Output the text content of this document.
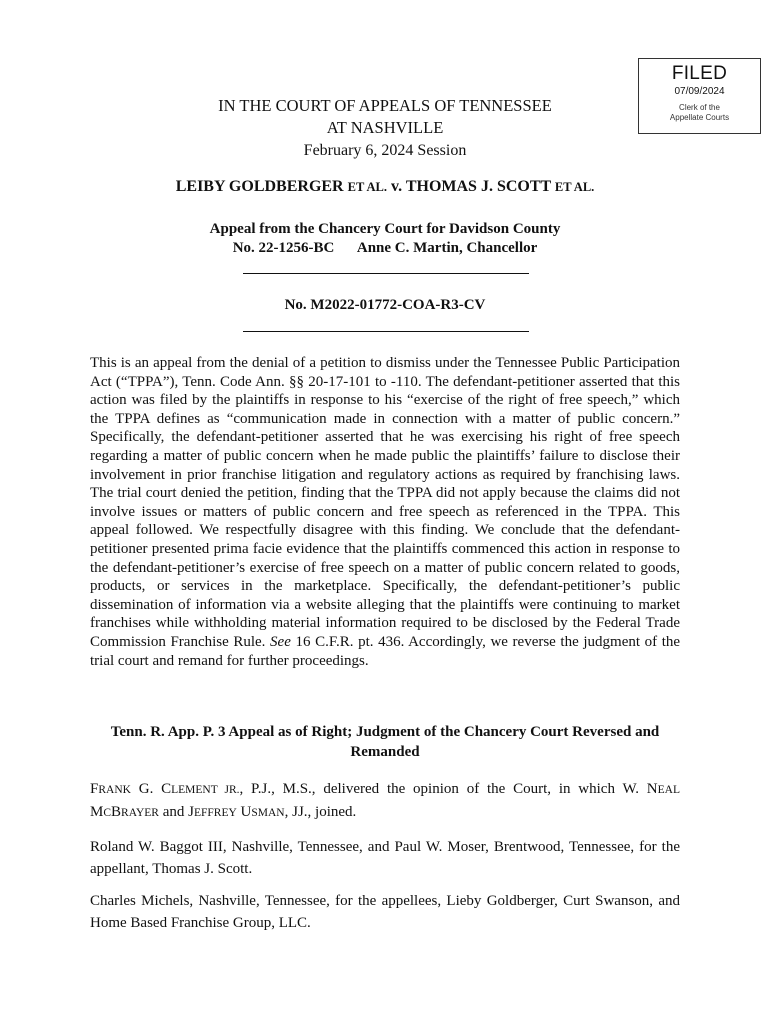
FILED
07/09/2024
Clerk of the
Appellate Courts
IN THE COURT OF APPEALS OF TENNESSEE
AT NASHVILLE
February 6, 2024 Session
LEIBY GOLDBERGER ET AL. v. THOMAS J. SCOTT ET AL.
Appeal from the Chancery Court for Davidson County
No. 22-1256-BC Anne C. Martin, Chancellor
No. M2022-01772-COA-R3-CV

This is an appeal from the denial of a petition to dismiss under the Tennessee Public Participation Act (“TPPA”), Tenn. Code Ann. §§ 20-17-101 to -110. The defendant-petitioner asserted that this action was filed by the plaintiffs in response to his “exercise of the right of free speech,” which the TPPA defines as “communication made in connection with a matter of public concern.” Specifically, the defendant-petitioner asserted that he was exercising his right of free speech regarding a matter of public concern when he made public the plaintiffs’ failure to disclose their involvement in prior franchise litigation and regulatory actions as required by franchising laws. The trial court denied the petition, finding that the TPPA did not apply because the claims did not involve issues or matters of public concern and free speech as referenced in the TPPA. This appeal followed. We respectfully disagree with this finding. We conclude that the defendant-petitioner presented prima facie evidence that the plaintiffs commenced this action in response to the defendant-petitioner’s exercise of free speech on a matter of public concern related to goods, products, or services in the marketplace. Specifically, the defendant-petitioner’s public dissemination of information via a website alleging that the plaintiffs were continuing to market franchises while withholding material information required to be disclosed by the Federal Trade Commission Franchise Rule. See 16 C.F.R. pt. 436. Accordingly, we reverse the judgment of the trial court and remand for further proceedings.

Tenn. R. App. P. 3 Appeal as of Right; Judgment of the Chancery Court Reversed and Remanded

FRANK G. CLEMENT JR., P.J., M.S., delivered the opinion of the Court, in which W. NEAL MCBRAYER and JEFFREY USMAN, JJ., joined.

Roland W. Baggot III, Nashville, Tennessee, and Paul W. Moser, Brentwood, Tennessee, for the appellant, Thomas J. Scott.

Charles Michels, Nashville, Tennessee, for the appellees, Lieby Goldberger, Curt Swanson, and Home Based Franchise Group, LLC.
